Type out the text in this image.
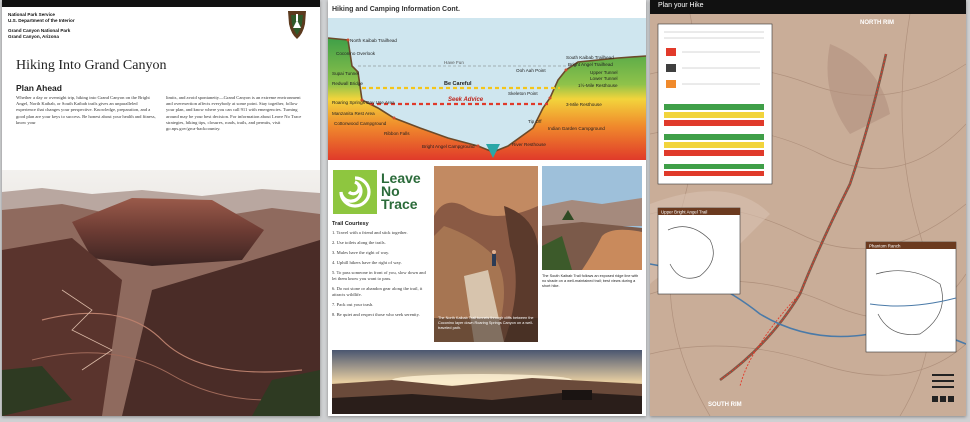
National Park Service
U.S. Department of the Interior
Grand Canyon National Park
Grand Canyon, Arizona
Hiking Into Grand Canyon
Plan Ahead
Whether a day or overnight trip, hiking into Grand Canyon on the Bright Angel, North Kaibab, or South Kaibab trails gives an unparalleled experience that changes your perspective. Knowledge, preparation, and a good plan are your keys to success. Be honest about your health and fitness, know your
limits, and avoid spontaneity—Grand Canyon is an extreme environment and overexertion affects everybody at some point. Stay together, follow your plan, and know where you can call 911 with emergencies. Turning around may be your best decision. For information about Leave No Trace strategies, hiking tips, closures, roads, trails, and permits, visit go.nps.gov/grca-backcountry.
Hiking and Camping Information Cont.
North Kaibab Trailhead
Coconino Overlook
Supai Tunnel
Redwall Bridge
Roaring Springs Day Use Area
Manzanita Rest Area
Cottonwood Campground
Ribbon Falls
Bright Angel Campground	River Resthouse
South Kaibab Trailhead
Bright Angel Trailhead
Ooh Aah Point	Upper Tunnel
Lower Tunnel
1½-Mile Resthouse
Skeleton Point
3-Mile Resthouse
Tip Off
Indian Garden Campground
Have Fun
Be Careful
Seek Advice
Leave
No
Trace
Trail Courtesy
1. Travel with a friend and stick together.
2. Use toilets along the trails.
3. Mules have the right of way.
4. Uphill hikers have the right of way.
5. To pass someone in front of you, slow down and let them know you want to pass.
6. Do not stone or abandon gear along the trail, it attracts wildlife.
7. Pack out your trash.
8. Be quiet and respect those who seek serenity.
The North Kaibab Trail tunnels through cliffs between the Coconino layer down Roaring Springs Canyon on a well-traveled path.
The South Kaibab Trail follows an exposed ridge line with no shade on a well-maintained trail; best views during a short hike.
Plan your Hike
Upper Bright Angel Trail
Phantom Ranch
NORTH RIM
SOUTH RIM
